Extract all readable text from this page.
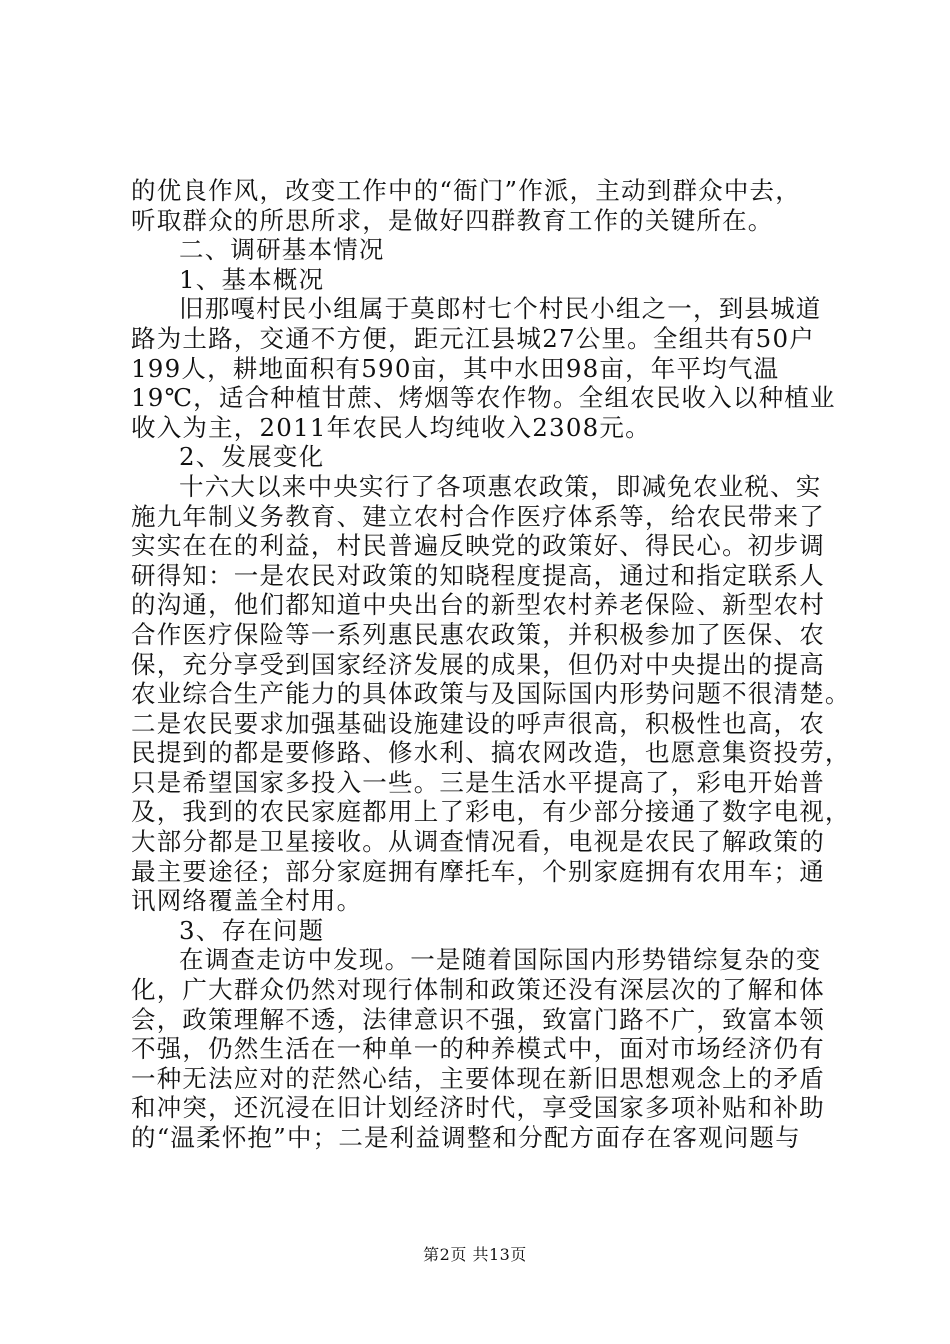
的优良作风，改变工作中的“衙门”作派，主动到群众中去，
听取群众的所思所求，是做好四群教育工作的关键所在。
二、调研基本情况
1、基本概况
旧那嘎村民小组属于莫郎村七个村民小组之一，到县城道
路为土路，交通不方便，距元江县城27公里。全组共有50户
199人，耕地面积有590亩，其中水田98亩，年平均气温
19℃，适合种植甘蔗、烤烟等农作物。全组农民收入以种植业
收入为主，2011年农民人均纯收入2308元。
2、发展变化
十六大以来中央实行了各项惠农政策，即减免农业税、实
施九年制义务教育、建立农村合作医疗体系等，给农民带来了
实实在在的利益，村民普遍反映党的政策好、得民心。初步调
研得知：一是农民对政策的知晓程度提高，通过和指定联系人
的沟通，他们都知道中央出台的新型农村养老保险、新型农村
合作医疗保险等一系列惠民惠农政策，并积极参加了医保、农
保，充分享受到国家经济发展的成果，但仍对中央提出的提高
农业综合生产能力的具体政策与及国际国内形势问题不很清楚。
二是农民要求加强基础设施建设的呼声很高，积极性也高，农
民提到的都是要修路、修水利、搞农网改造，也愿意集资投劳，
只是希望国家多投入一些。三是生活水平提高了，彩电开始普
及，我到的农民家庭都用上了彩电，有少部分接通了数字电视，
大部分都是卫星接收。从调查情况看，电视是农民了解政策的
最主要途径；部分家庭拥有摩托车，个别家庭拥有农用车；通
讯网络覆盖全村用。
3、存在问题
在调查走访中发现。一是随着国际国内形势错综复杂的变
化，广大群众仍然对现行体制和政策还没有深层次的了解和体
会，政策理解不透，法律意识不强，致富门路不广，致富本领
不强，仍然生活在一种单一的种养模式中，面对市场经济仍有
一种无法应对的茫然心结，主要体现在新旧思想观念上的矛盾
和冲突，还沉浸在旧计划经济时代，享受国家多项补贴和补助
的“温柔怀抱”中；二是利益调整和分配方面存在客观问题与
第2页 共13页
